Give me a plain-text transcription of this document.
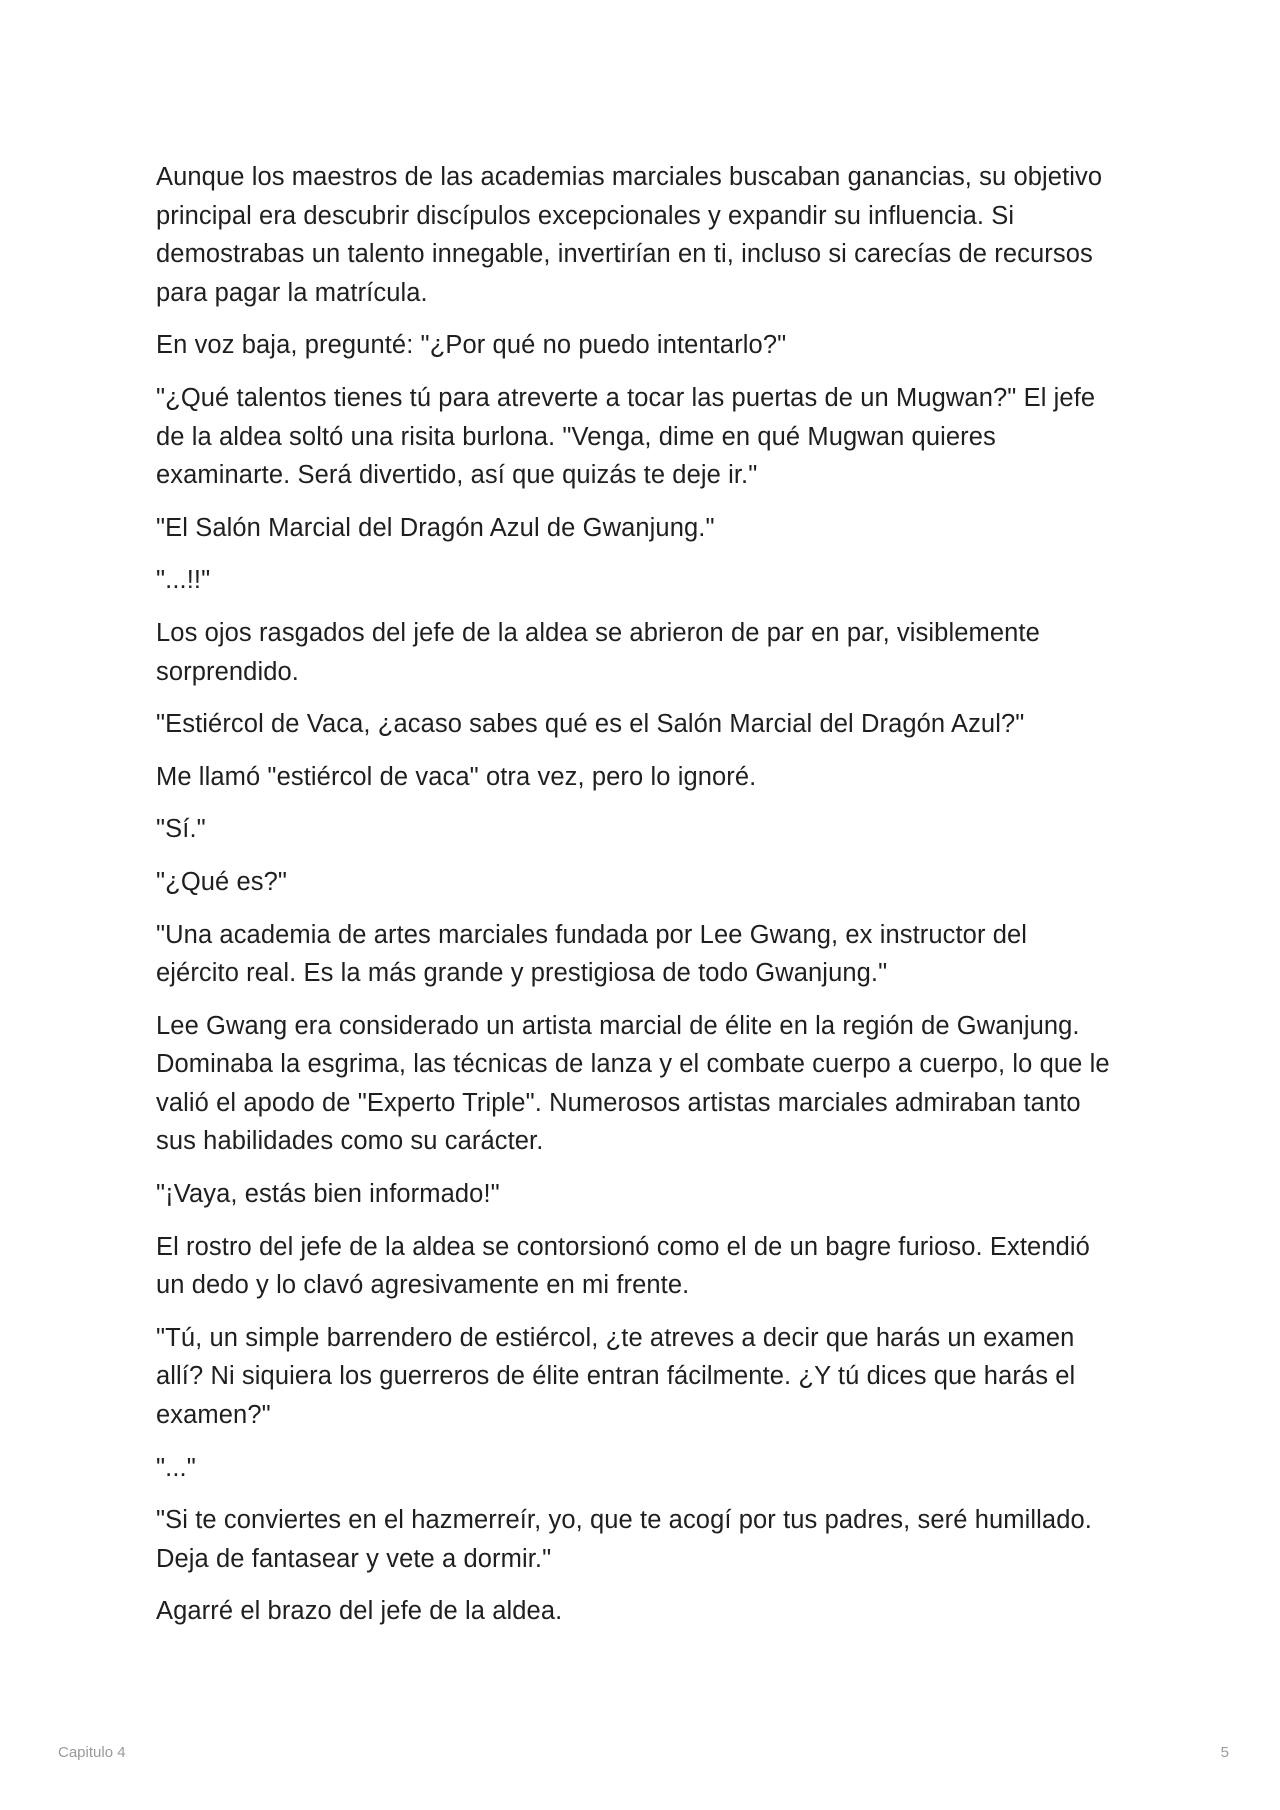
Aunque los maestros de las academias marciales buscaban ganancias, su objetivo principal era descubrir discípulos excepcionales y expandir su influencia. Si demostrabas un talento innegable, invertirían en ti, incluso si carecías de recursos para pagar la matrícula.

En voz baja, pregunté: "¿Por qué no puedo intentarlo?"

"¿Qué talentos tienes tú para atreverte a tocar las puertas de un Mugwan?" El jefe de la aldea soltó una risita burlona. "Venga, dime en qué Mugwan quieres examinarte. Será divertido, así que quizás te deje ir."

"El Salón Marcial del Dragón Azul de Gwanjung."

"...!!"

Los ojos rasgados del jefe de la aldea se abrieron de par en par, visiblemente sorprendido.

"Estiércol de Vaca, ¿acaso sabes qué es el Salón Marcial del Dragón Azul?"

Me llamó "estiércol de vaca" otra vez, pero lo ignoré.

"Sí."

"¿Qué es?"

"Una academia de artes marciales fundada por Lee Gwang, ex instructor del ejército real. Es la más grande y prestigiosa de todo Gwanjung."

Lee Gwang era considerado un artista marcial de élite en la región de Gwanjung. Dominaba la esgrima, las técnicas de lanza y el combate cuerpo a cuerpo, lo que le valió el apodo de "Experto Triple". Numerosos artistas marciales admiraban tanto sus habilidades como su carácter.

"¡Vaya, estás bien informado!"

El rostro del jefe de la aldea se contorsionó como el de un bagre furioso. Extendió un dedo y lo clavó agresivamente en mi frente.

"Tú, un simple barrendero de estiércol, ¿te atreves a decir que harás un examen allí? Ni siquiera los guerreros de élite entran fácilmente. ¿Y tú dices que harás el examen?"

"..."

"Si te conviertes en el hazmerreír, yo, que te acogí por tus padres, seré humillado. Deja de fantasear y vete a dormir."

Agarré el brazo del jefe de la aldea.

Capitulo 4	5
